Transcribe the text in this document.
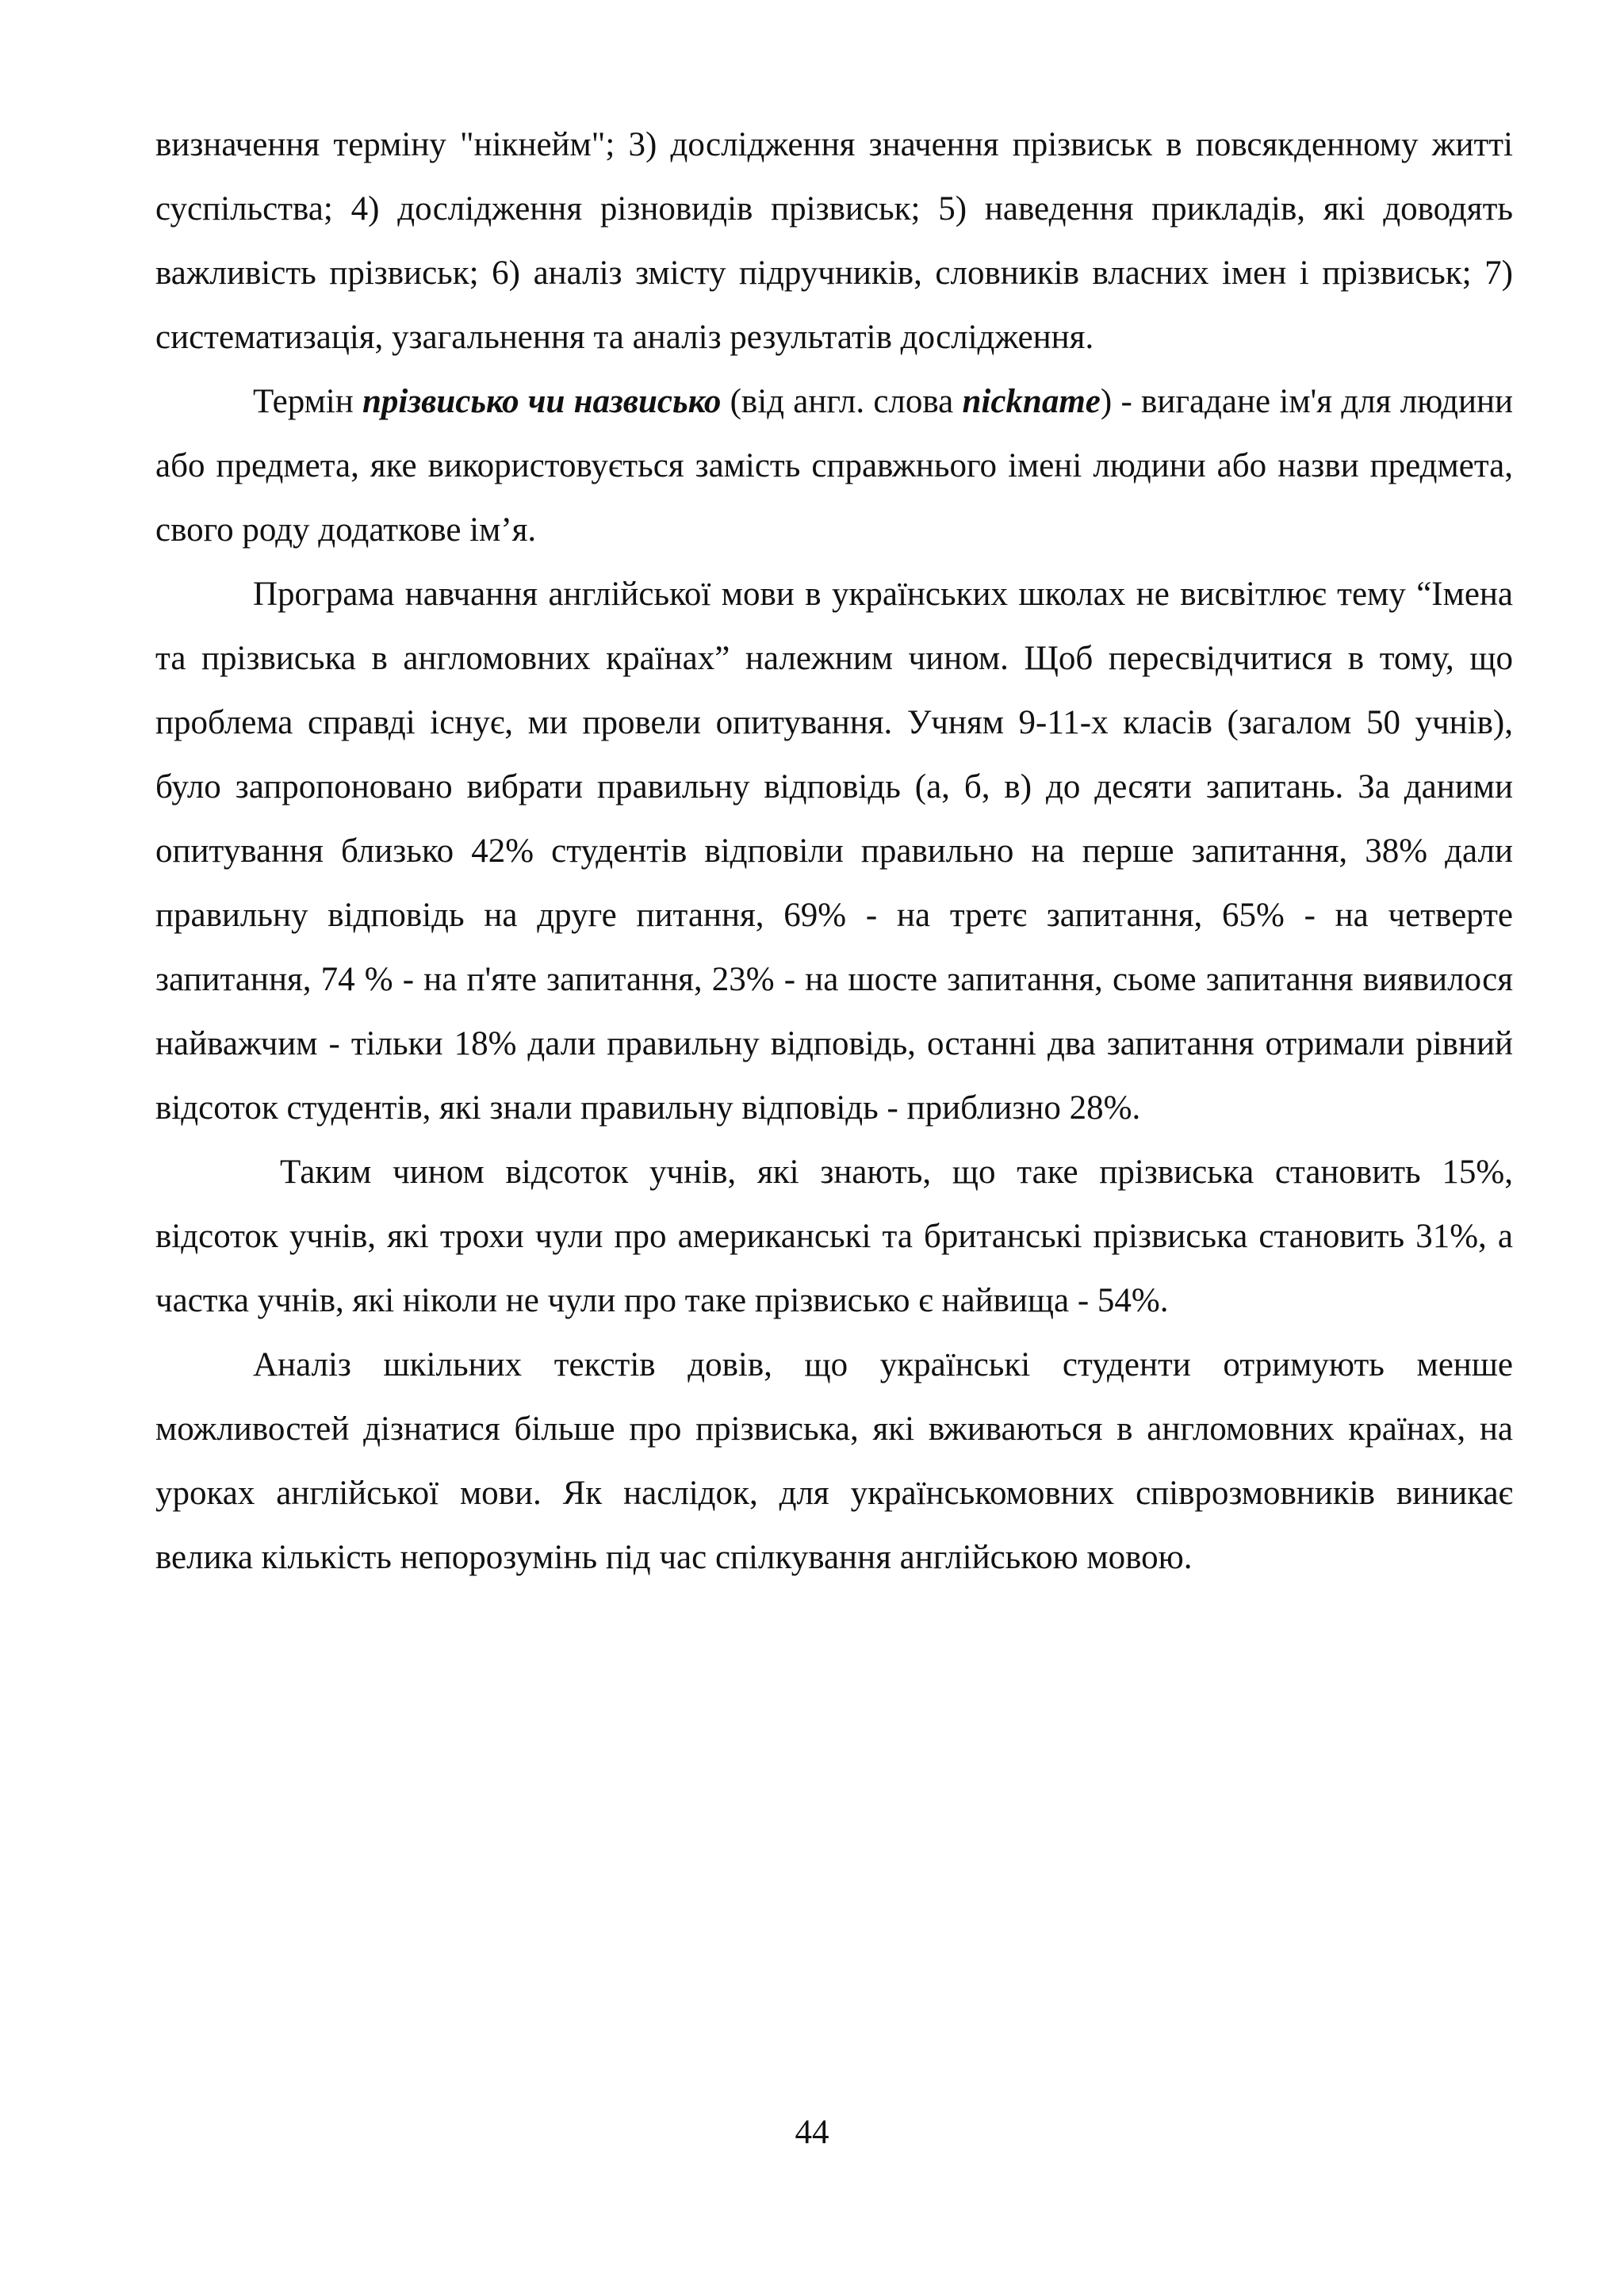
визначення терміну "нікнейм"; 3) дослідження значення прізвиськ в повсякденному житті суспільства; 4) дослідження різновидів прізвиськ; 5) наведення прикладів, які доводять важливість прізвиськ; 6) аналіз змісту підручників, словників власних імен і прізвиськ; 7) систематизація, узагальнення та аналіз результатів дослідження.

Термін прізвисько чи назвисько (від англ. слова nicknаme) - вигадане ім'я для людини або предмета, яке використовується замість справжнього імені людини або назви предмета, свого роду додаткове ім’я.

Програма навчання англійської мови в українських школах не висвітлює тему “Імена та прізвиська в англомовних країнах” належним чином. Щоб пересвідчитися в тому, що проблема справді існує, ми провели опитування. Учням 9-11-х класів (загалом 50 учнів), було запропоновано вибрати правильну відповідь (а, б, в) до десяти запитань. За даними опитування близько 42% студентів відповіли правильно на перше запитання, 38% дали правильну відповідь на друге питання, 69% - на третє запитання, 65% - на четверте запитання, 74 % - на п'яте запитання, 23% - на шосте запитання, сьоме запитання виявилося найважчим - тільки 18% дали правильну відповідь, останні два запитання отримали рівний відсоток студентів, які знали правильну відповідь - приблизно 28%.

Таким чином відсоток учнів, які знають, що таке прізвиська становить 15%, відсоток учнів, які трохи чули про американські та британські прізвиська становить 31%, а частка учнів, які ніколи не чули про таке прізвисько є найвища - 54%.

Аналіз шкільних текстів довів, що українські студенти отримують менше можливостей дізнатися більше про прізвиська, які вживаються в англомовних країнах, на уроках англійської мови. Як наслідок, для українськомовних співрозмовників виникає велика кількість непорозумінь під час спілкування англійською мовою.

44
